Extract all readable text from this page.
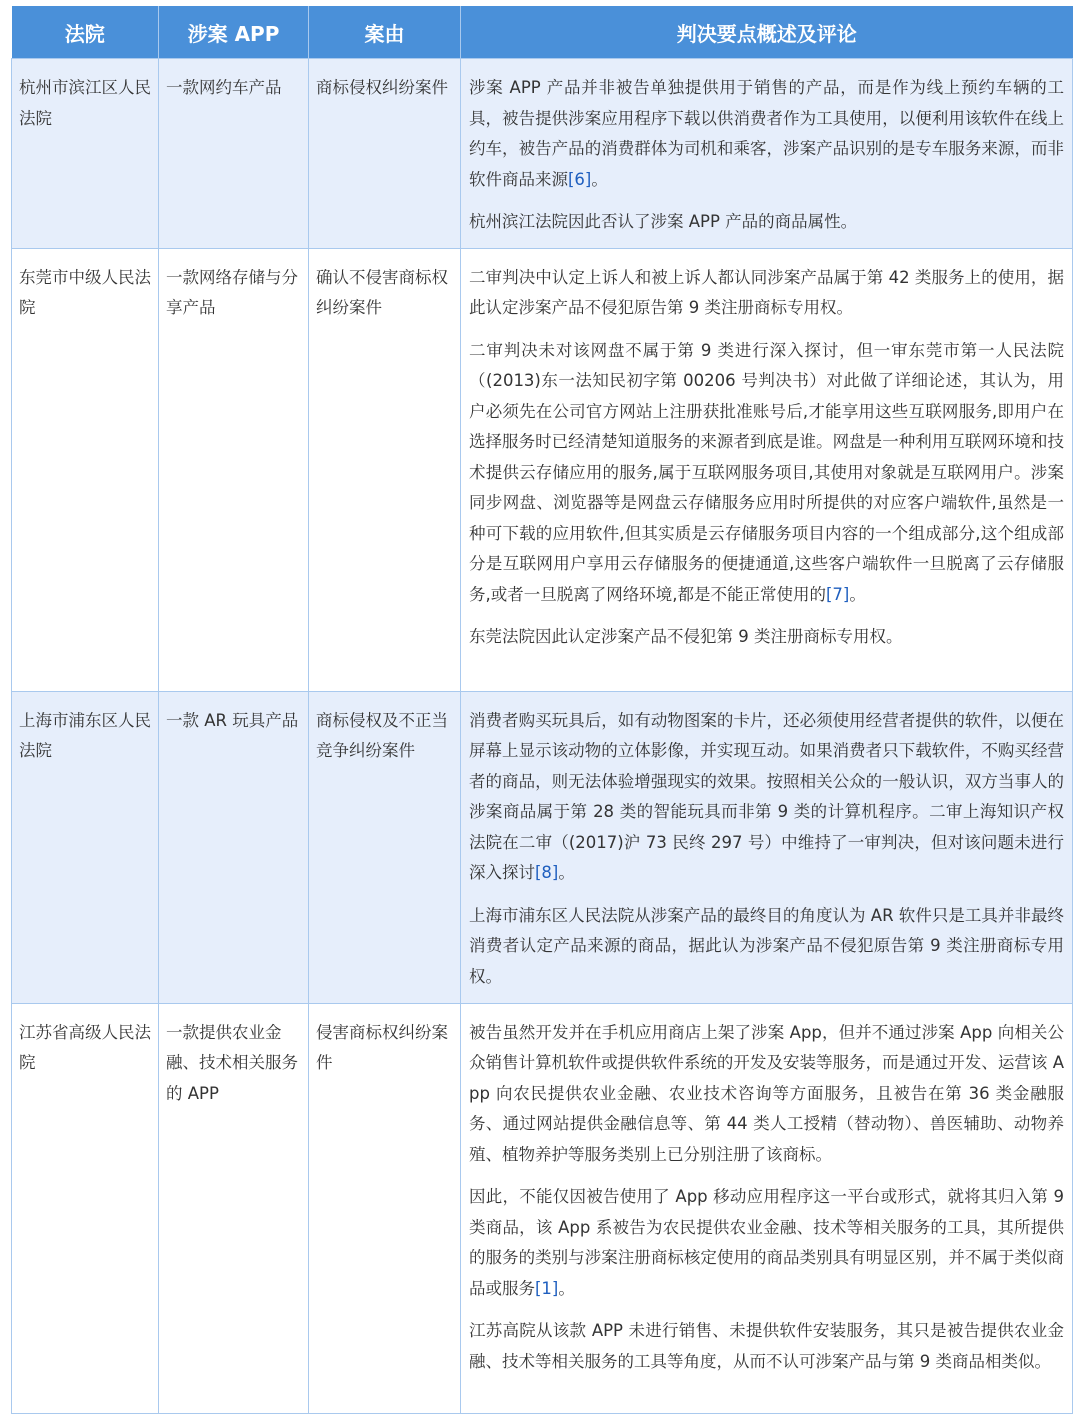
法院	涉案 APP	案由	判决要点概述及评论
杭州市滨江区人民法院	一款网约车产品	商标侵权纠纷案件	涉案 APP 产品并非被告单独提供用于销售的产品，而是作为线上预约车辆的工具，被告提供涉案应用程序下载以供消费者作为工具使用，以便利用该软件在线上约车，被告产品的消费群体为司机和乘客，涉案产品识别的是专车服务来源，而非软件商品来源[6]。

杭州滨江法院因此否认了涉案 APP 产品的商品属性。

东莞市中级人民法院	一款网络存储与分享产品	确认不侵害商标权纠纷案件	二审判决中认定上诉人和被上诉人都认同涉案产品属于第 42 类服务上的使用，据此认定涉案产品不侵犯原告第 9 类注册商标专用权。

二审判决未对该网盘不属于第 9 类进行深入探讨，但一审东莞市第一人民法院（(2013)东一法知民初字第 00206 号判决书）对此做了详细论述，其认为，用户必须先在公司官方网站上注册获批准账号后,才能享用这些互联网服务,即用户在选择服务时已经清楚知道服务的来源者到底是谁。网盘是一种利用互联网环境和技术提供云存储应用的服务,属于互联网服务项目,其使用对象就是互联网用户。涉案同步网盘、浏览器等是网盘云存储服务应用时所提供的对应客户端软件,虽然是一种可下载的应用软件,但其实质是云存储服务项目内容的一个组成部分,这个组成部分是互联网用户享用云存储服务的便捷通道,这些客户端软件一旦脱离了云存储服务,或者一旦脱离了网络环境,都是不能正常使用的[7]。

东莞法院因此认定涉案产品不侵犯第 9 类注册商标专用权。

上海市浦东区人民法院	一款 AR 玩具产品	商标侵权及不正当竞争纠纷案件	消费者购买玩具后，如有动物图案的卡片，还必须使用经营者提供的软件，以便在屏幕上显示该动物的立体影像，并实现互动。如果消费者只下载软件，不购买经营者的商品，则无法体验增强现实的效果。按照相关公众的一般认识，双方当事人的涉案商品属于第 28 类的智能玩具而非第 9 类的计算机程序。二审上海知识产权法院在二审（(2017)沪 73 民终 297 号）中维持了一审判决，但对该问题未进行深入探讨[8]。

上海市浦东区人民法院从涉案产品的最终目的角度认为 AR 软件只是工具并非最终消费者认定产品来源的商品，据此认为涉案产品不侵犯原告第 9 类注册商标专用权。

江苏省高级人民法院	一款提供农业金融、技术相关服务的 APP	侵害商标权纠纷案件	被告虽然开发并在手机应用商店上架了涉案 App，但并不通过涉案 App 向相关公众销售计算机软件或提供软件系统的开发及安装等服务，而是通过开发、运营该 App 向农民提供农业金融、农业技术咨询等方面服务，且被告在第 36 类金融服务、通过网站提供金融信息等、第 44 类人工授精（替动物）、兽医辅助、动物养殖、植物养护等服务类别上已分别注册了该商标。

因此，不能仅因被告使用了 App 移动应用程序这一平台或形式，就将其归入第 9 类商品，该 App 系被告为农民提供农业金融、技术等相关服务的工具，其所提供的服务的类别与涉案注册商标核定使用的商品类别具有明显区别，并不属于类似商品或服务[1]。

江苏高院从该款 APP 未进行销售、未提供软件安装服务，其只是被告提供农业金融、技术等相关服务的工具等角度，从而不认可涉案产品与第 9 类商品相类似。
